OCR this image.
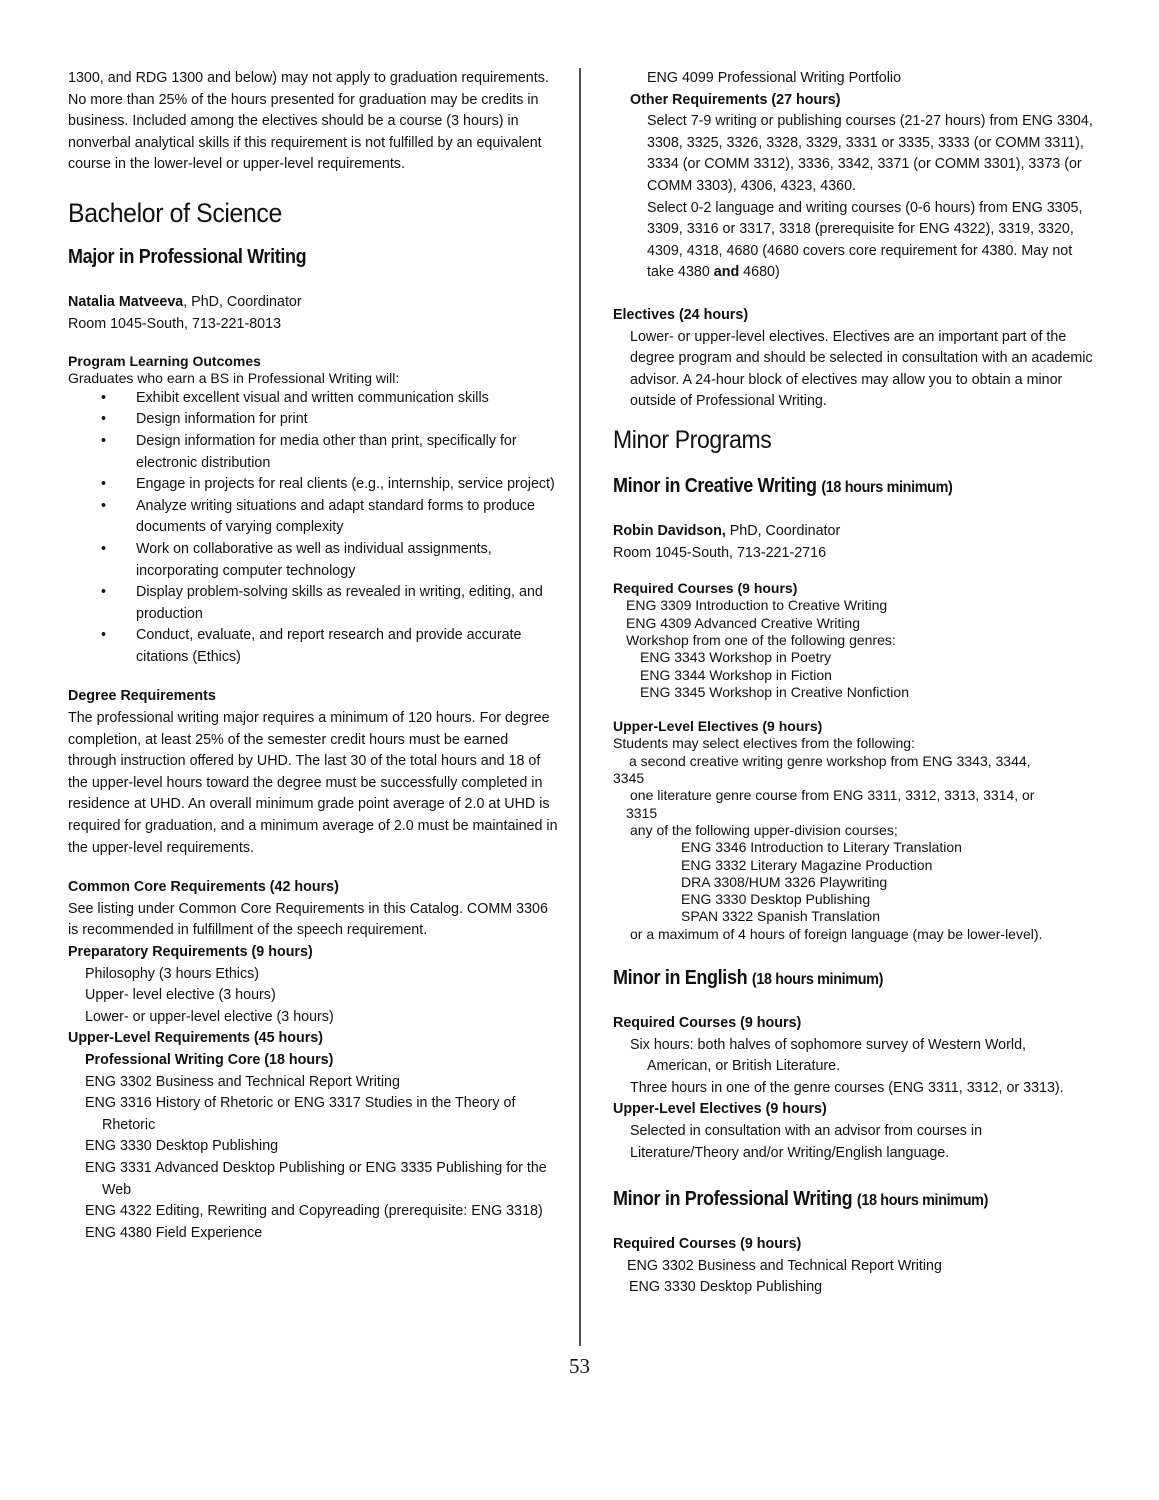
1300, and RDG 1300 and below) may not apply to graduation requirements. No more than 25% of the hours presented for graduation may be credits in business. Included among the electives should be a course (3 hours) in nonverbal analytical skills if this requirement is not fulfilled by an equivalent course in the lower-level or upper-level requirements.

Bachelor of Science
Major in Professional Writing

Natalia Matveeva, PhD, Coordinator

Room 1045-South, 713-221-8013

Program Learning Outcomes

Graduates who earn a BS in Professional Writing will:

• Exhibit excellent visual and written communication skills
• Design information for print
• Design information for media other than print, specifically for electronic distribution
• Engage in projects for real clients (e.g., internship, service project)
• Analyze writing situations and adapt standard forms to produce documents of varying complexity
• Work on collaborative as well as individual assignments, incorporating computer technology
• Display problem-solving skills as revealed in writing, editing, and production
• Conduct, evaluate, and report research and provide accurate citations (Ethics)

Degree Requirements

The professional writing major requires a minimum of 120 hours. For degree completion, at least 25% of the semester credit hours must be earned through instruction offered by UHD. The last 30 of the total hours and 18 of the upper-level hours toward the degree must be successfully completed in residence at UHD. An overall minimum grade point average of 2.0 at UHD is required for graduation, and a minimum average of 2.0 must be maintained in the upper-level requirements.

Common Core Requirements (42 hours)

See listing under Common Core Requirements in this Catalog. COMM 3306 is recommended in fulfillment of the speech requirement.

Preparatory Requirements (9 hours)

Philosophy (3 hours Ethics)

Upper- level elective (3 hours)

Lower- or upper-level elective (3 hours)

Upper-Level Requirements (45 hours)

Professional Writing Core (18 hours)

ENG 3302 Business and Technical Report Writing

ENG 3316 History of Rhetoric or ENG 3317 Studies in the Theory of Rhetoric

ENG 3330 Desktop Publishing

ENG 3331 Advanced Desktop Publishing or ENG 3335 Publishing for the Web

ENG 4322 Editing, Rewriting and Copyreading (prerequisite: ENG 3318)

ENG 4380 Field Experience

ENG 4099 Professional Writing Portfolio

Other Requirements (27 hours)

Select 7-9 writing or publishing courses (21-27 hours) from ENG 3304, 3308, 3325, 3326, 3328, 3329, 3331 or 3335, 3333 (or COMM 3311), 3334 (or COMM 3312), 3336, 3342, 3371 (or COMM 3301), 3373 (or COMM 3303), 4306, 4323, 4360.

Select 0-2 language and writing courses (0-6 hours) from ENG 3305, 3309, 3316 or 3317, 3318 (prerequisite for ENG 4322), 3319, 3320, 4309, 4318, 4680 (4680 covers core requirement for 4380. May not take 4380 and 4680)

Electives (24 hours)

Lower- or upper-level electives. Electives are an important part of the degree program and should be selected in consultation with an academic advisor. A 24-hour block of electives may allow you to obtain a minor outside of Professional Writing.

Minor Programs
Minor in Creative Writing (18 hours minimum)

Robin Davidson, PhD, Coordinator

Room 1045-South, 713-221-2716

Required Courses (9 hours)

ENG 3309 Introduction to Creative Writing

ENG 4309 Advanced Creative Writing

Workshop from one of the following genres:

ENG 3343 Workshop in Poetry

ENG 3344 Workshop in Fiction

ENG 3345 Workshop in Creative Nonfiction

Upper-Level Electives (9 hours)

Students may select electives from the following:

a second creative writing genre workshop from ENG 3343, 3344,

3345

one literature genre course from ENG 3311, 3312, 3313, 3314, or

3315

any of the following upper-division courses;

ENG 3346 Introduction to Literary Translation

ENG 3332 Literary Magazine Production

DRA 3308/HUM 3326 Playwriting

ENG 3330 Desktop Publishing

SPAN 3322 Spanish Translation

or a maximum of 4 hours of foreign language (may be lower-level).

Minor in English (18 hours minimum)

Required Courses (9 hours)

Six hours: both halves of sophomore survey of Western World, American, or British Literature.

Three hours in one of the genre courses (ENG 3311, 3312, or 3313).

Upper-Level Electives (9 hours)

Selected in consultation with an advisor from courses in Literature/Theory and/or Writing/English language.

Minor in Professional Writing (18 hours minimum)

Required Courses (9 hours)

ENG 3302 Business and Technical Report Writing

ENG 3330 Desktop Publishing

53
